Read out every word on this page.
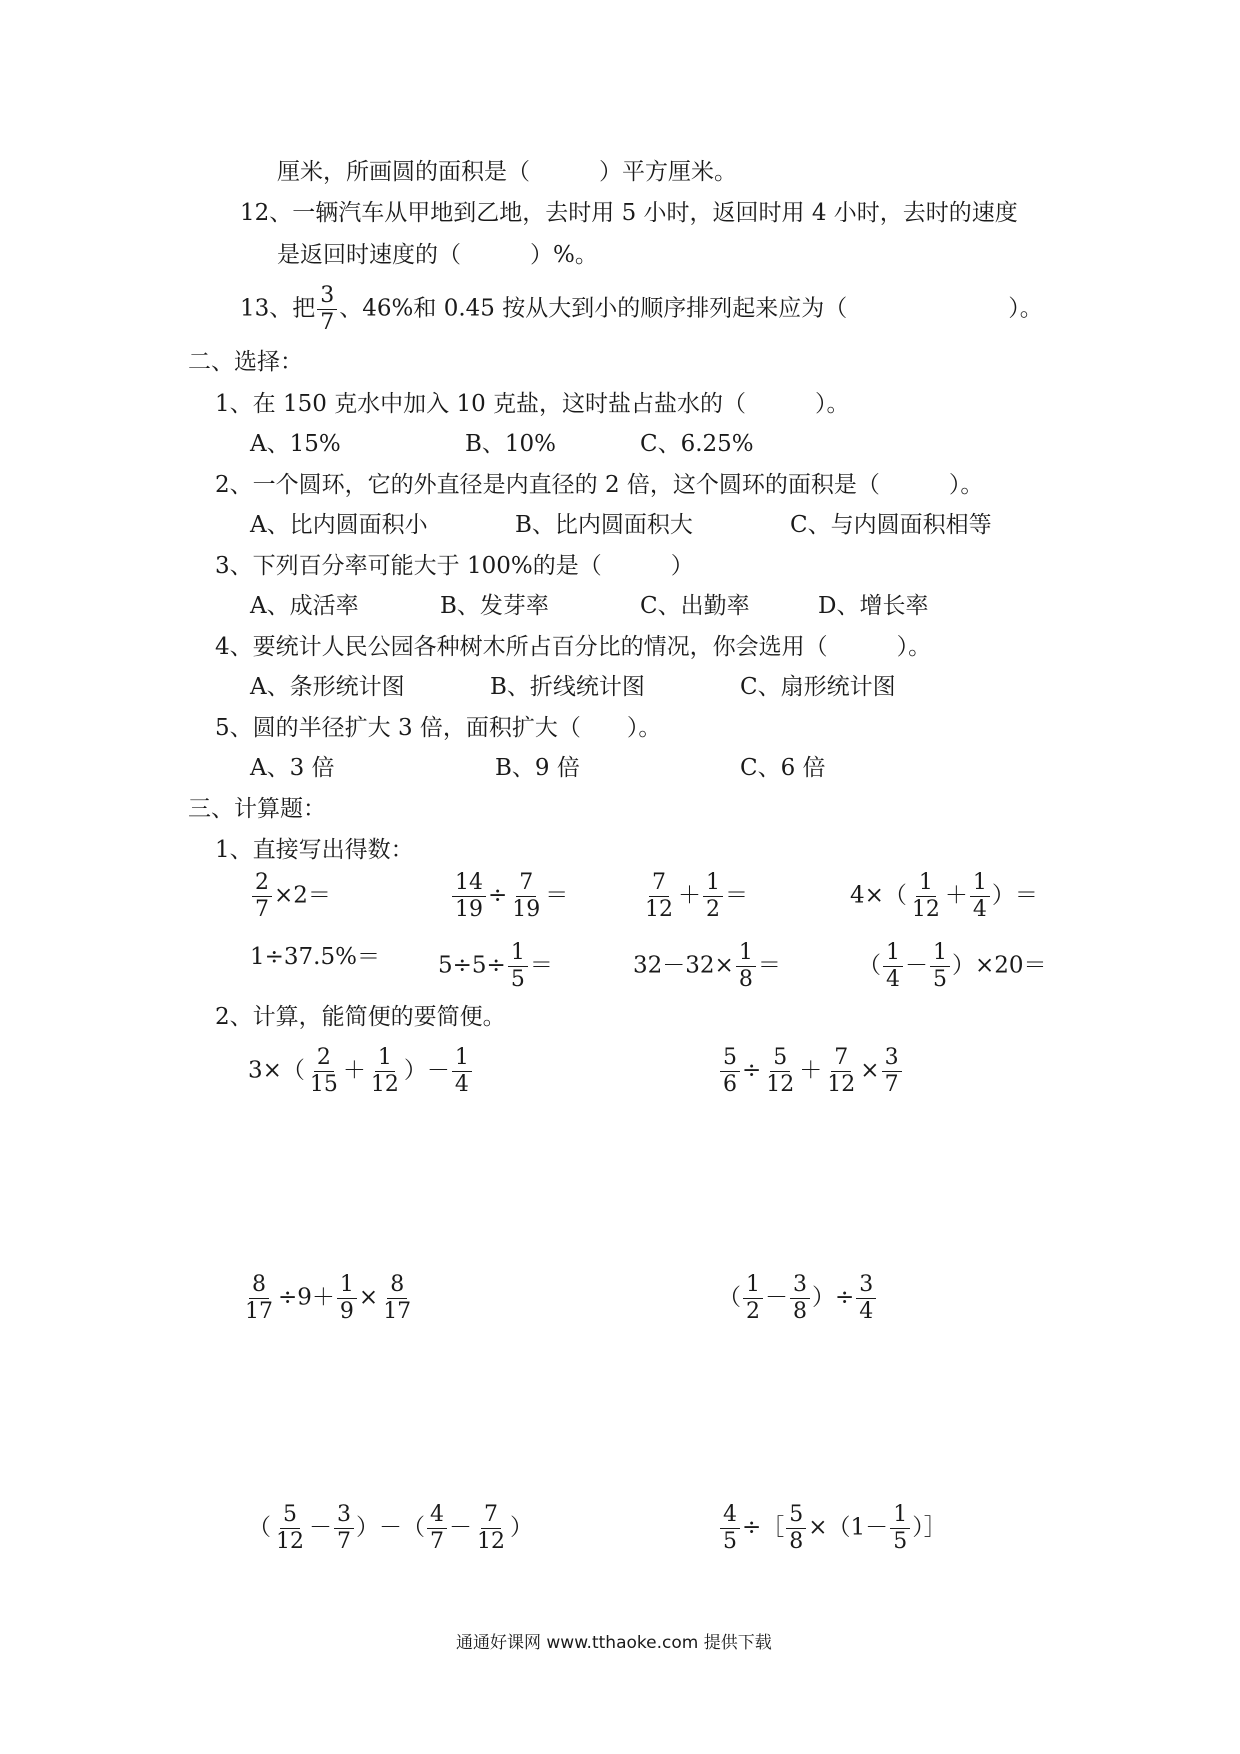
厘米，所画圆的面积是（　　　）平方厘米。
12、一辆汽车从甲地到乙地，去时用 5 小时，返回时用 4 小时，去时的速度
是返回时速度的（　　　）%。
13、把 $\frac{3}{7}$ 、46%和 0.45 按从大到小的顺序排列起来应为（　　　　　　　）。
二、选择：
1、在 150 克水中加入 10 克盐，这时盐占盐水的（　　　）。
A、15%	B、10%	C、6.25%
2、一个圆环，它的外直径是内直径的 2 倍，这个圆环的面积是（　　　）。
A、比内圆面积小	B、比内圆面积大	C、与内圆面积相等
3、下列百分率可能大于 100%的是（　　　）
A、成活率	B、发芽率	C、出勤率	D、增长率
4、要统计人民公园各种树木所占百分比的情况，你会选用（　　　）。
A、条形统计图	B、折线统计图	C、扇形统计图
5、圆的半径扩大 3 倍，面积扩大（　　）。
A、3 倍	B、9 倍	C、6 倍
三、计算题：
1、直接写出得数：
$\frac{2}{7} \times 2=$	$\frac{14}{19} \div \frac{7}{19}$ ＝	$\frac{7}{12} + \frac{1}{2}$ ＝	$4\times( \frac{1}{12} + \frac{1}{4}$ ）＝
1÷37.5%＝	$5\div 5\div \frac{1}{5}$ ＝	$32-32\times \frac{1}{8}$ ＝	（ $\frac{1}{4} - \frac{1}{5} )\times 20=$
2、计算，能简便的要简便。
$3\times( \frac{2}{15} + \frac{1}{12}$ ）－ $\frac{1}{4}$	$\frac{5}{6} \div \frac{5}{12} + \frac{7}{12} \times \frac{3}{7}$
$\frac{8}{17} \div 9+ \frac{1}{9} \times \frac{8}{17}$	（ $\frac{1}{2} - \frac{3}{8}$ ）÷ $\frac{3}{4}$
（ $\frac{5}{12} - \frac{3}{7}$ ）－（ $\frac{4}{7} - \frac{7}{12}$ ）	$\frac{4}{5}$ ÷［ $\frac{5}{8} \times(1- \frac{1}{5}$ ）］
通通好课网 www.tthaoke.com 提供下载
